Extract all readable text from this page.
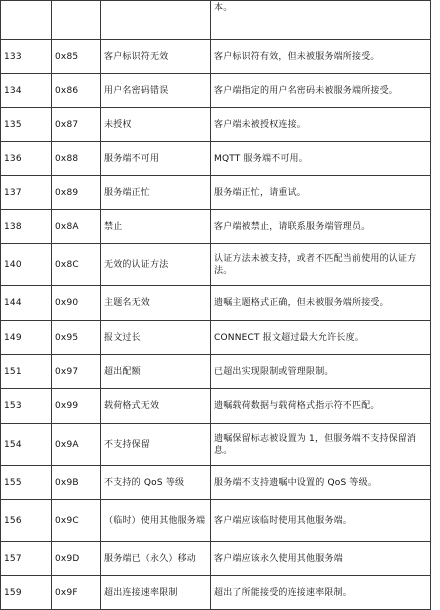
			本。
133	0x85	客户标识符无效	客户标识符有效，但未被服务端所接受。
134	0x86	用户名密码错误	客户端指定的用户名密码未被服务端所接受。
135	0x87	未授权	客户端未被授权连接。
136	0x88	服务端不可用	MQTT 服务端不可用。
137	0x89	服务端正忙	服务端正忙，请重试。
138	0x8A	禁止	客户端被禁止，请联系服务端管理员。
140	0x8C	无效的认证方法	认证方法未被支持，或者不匹配当前使用的认证方法。
144	0x90	主题名无效	遗嘱主题格式正确，但未被服务端所接受。
149	0x95	报文过长	CONNECT 报文超过最大允许长度。
151	0x97	超出配额	已超出实现限制或管理限制。
153	0x99	载荷格式无效	遗嘱载荷数据与载荷格式指示符不匹配。
154	0x9A	不支持保留	遗嘱保留标志被设置为 1，但服务端不支持保留消息。
155	0x9B	不支持的 QoS 等级	服务端不支持遗嘱中设置的 QoS 等级。
156	0x9C	（临时）使用其他服务端	客户端应该临时使用其他服务端。
157	0x9D	服务端已（永久）移动	客户端应该永久使用其他服务端
159	0x9F	超出连接速率限制	超出了所能接受的连接速率限制。
